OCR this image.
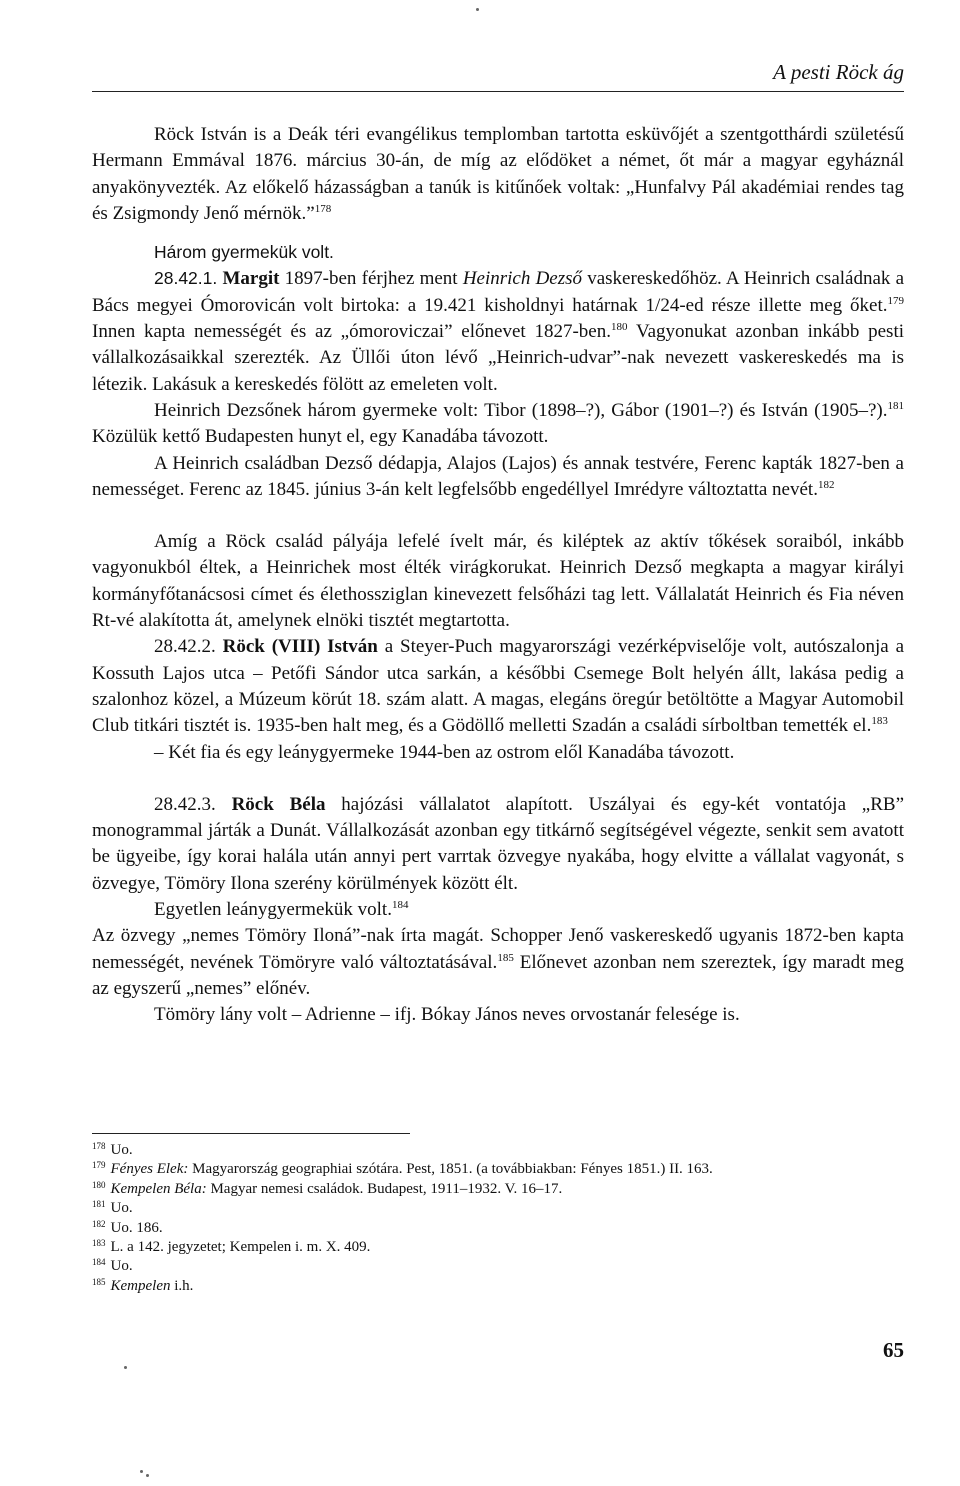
A pesti Röck ág

Röck István is a Deák téri evangélikus templomban tartotta esküvőjét a szentgotthárdi születésű Hermann Emmával 1876. március 30-án, de míg az elődöket a német, őt már a magyar egyháznál anyakönyvezték. Az előkelő házasságban a tanúk is kitűnőek voltak: „Hunfalvy Pál akadémiai rendes tag és Zsigmondy Jenő mérnök.”$^{178}$

Három gyermekük volt.

28.42.1. Margit 1897-ben férjhez ment Heinrich Dezső vaskereskedőhöz. A Heinrich családnak a Bács megyei Ómorovicán volt birtoka: a 19.421 kisholdnyi határnak 1/24-ed része illette meg őket.$^{179}$ Innen kapta nemességét és az „ómoroviczai” előnevet 1827-ben.$^{180}$ Vagyonukat azonban inkább pesti vállalkozásaikkal szerezték. Az Üllői úton lévő „Heinrich-udvar”-nak nevezett vaskereskedés ma is létezik. Lakásuk a kereskedés fölött az emeleten volt.

Heinrich Dezsőnek három gyermeke volt: Tibor (1898–?), Gábor (1901–?) és István (1905–?).$^{181}$ Közülük kettő Budapesten hunyt el, egy Kanadába távozott.

A Heinrich családban Dezső dédapja, Alajos (Lajos) és annak testvére, Ferenc kapták 1827-ben a nemességet. Ferenc az 1845. június 3-án kelt legfelsőbb engedéllyel Imrédyre változtatta nevét.$^{182}$

Amíg a Röck család pályája lefelé ívelt már, és kiléptek az aktív tőkések soraiból, inkább vagyonukból éltek, a Heinrichek most élték virágkorukat. Heinrich Dezső megkapta a magyar királyi kormányfőtanácsosi címet és élethossziglan kinevezett felsőházi tag lett. Vállalatát Heinrich és Fia néven Rt-vé alakította át, amelynek elnöki tisztét megtartotta.

28.42.2. Röck (VIII) István a Steyer-Puch magyarországi vezérképviselője volt, autószalonja a Kossuth Lajos utca – Petőfi Sándor utca sarkán, a későbbi Csemege Bolt helyén állt, lakása pedig a szalonhoz közel, a Múzeum körút 18. szám alatt. A magas, elegáns öregúr betöltötte a Magyar Automobil Club titkári tisztét is. 1935-ben halt meg, és a Gödöllő melletti Szadán a családi sírboltban temették el.$^{183}$

– Két fia és egy leánygyermeke 1944-ben az ostrom elől Kanadába távozott.

28.42.3. Röck Béla hajózási vállalatot alapított. Uszályai és egy-két vontatója „RB” monogrammal járták a Dunát. Vállalkozását azonban egy titkárnő segítségével végezte, senkit sem avatott be ügyeibe, így korai halála után annyi pert varrtak özvegye nyakába, hogy elvitte a vállalat vagyonát, s özvegye, Tömöry Ilona szerény körülmények között élt.

Egyetlen leánygyermekük volt.$^{184}$

Az özvegy „nemes Tömöry Iloná”-nak írta magát. Schopper Jenő vaskereskedő ugyanis 1872-ben kapta nemességét, nevének Tömöryre való változtatásával.$^{185}$ Előnevet azonban nem szereztek, így maradt meg az egyszerű „nemes” előnév.

Tömöry lány volt – Adrienne – ifj. Bókay János neves orvostanár felesége is.

$^{178}$ Uo.

$^{179}$ Fényes Elek: Magyarország geographiai szótára. Pest, 1851. (a továbbiakban: Fényes 1851.) II. 163.

$^{180}$ Kempelen Béla: Magyar nemesi családok. Budapest, 1911–1932. V. 16–17.

$^{181}$ Uo.

$^{182}$ Uo. 186.

$^{183}$ L. a 142. jegyzetet; Kempelen i. m. X. 409.

$^{184}$ Uo.

$^{185}$ Kempelen i.h.

65
